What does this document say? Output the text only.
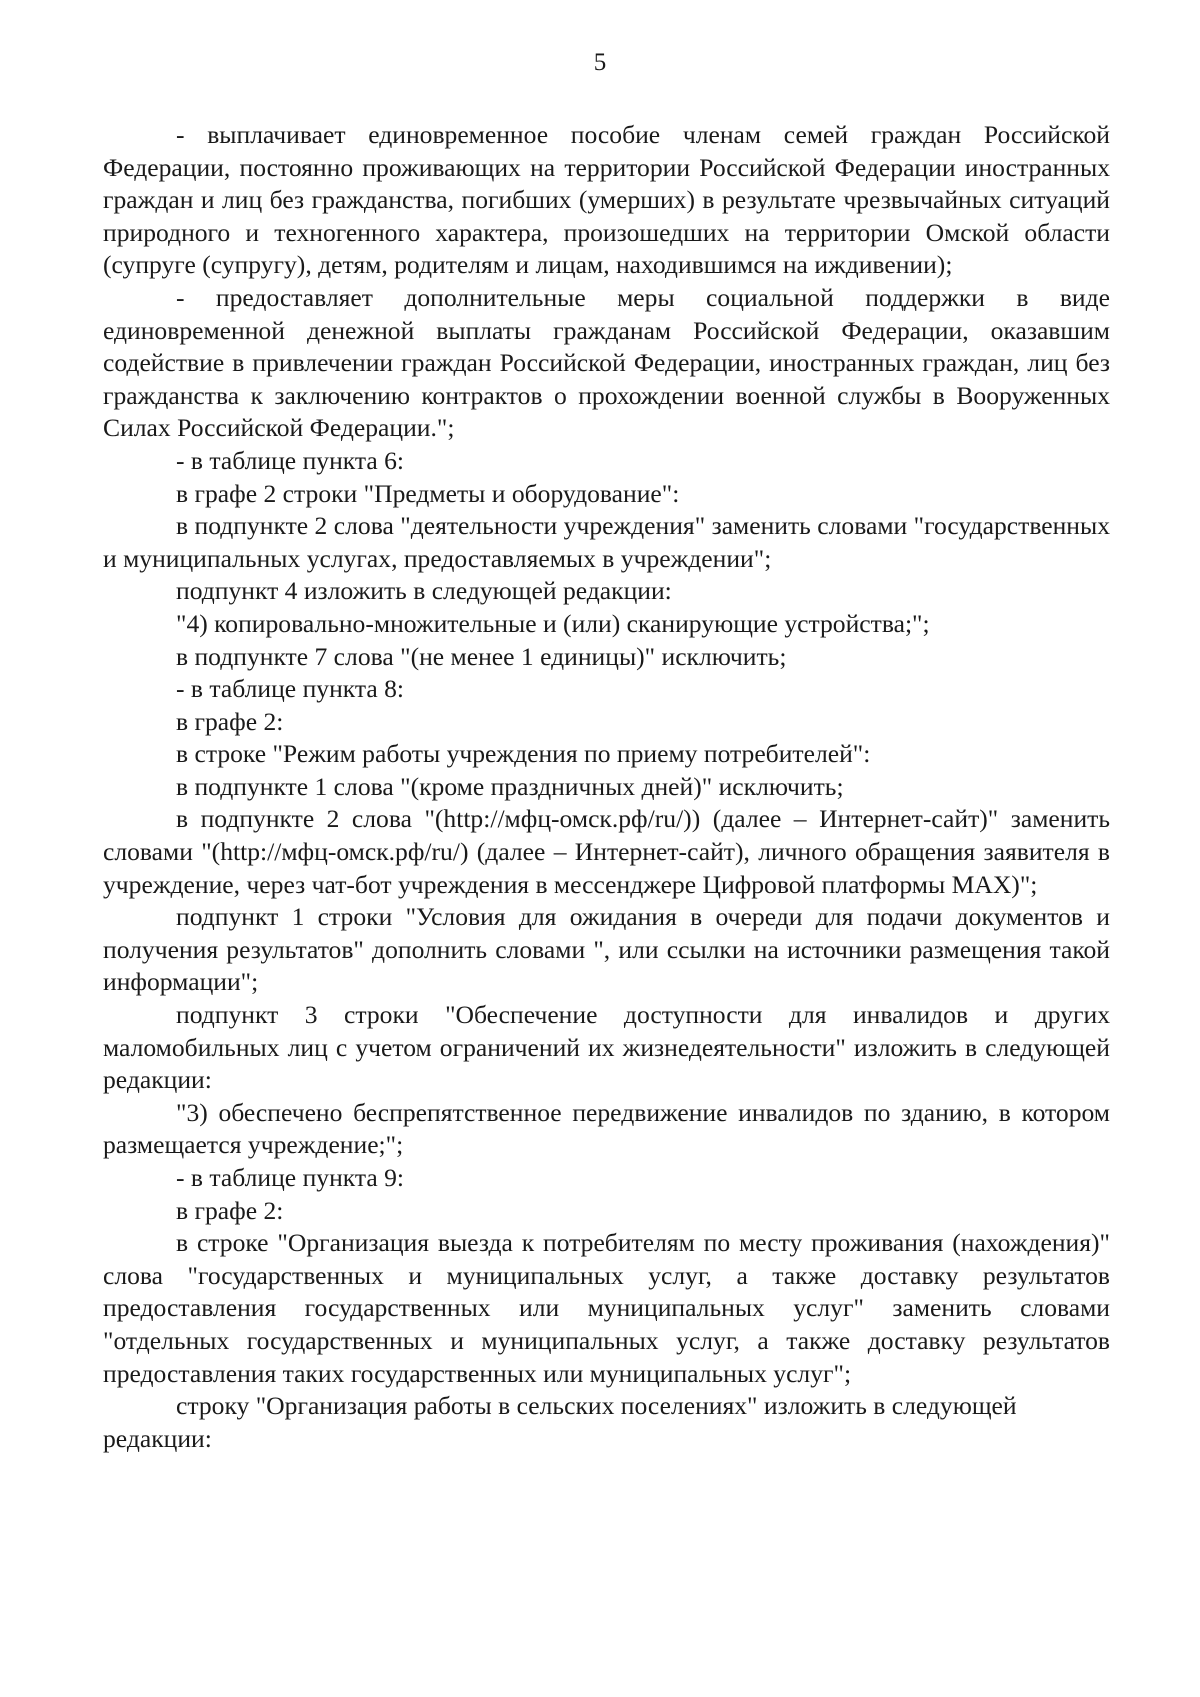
5

- выплачивает единовременное пособие членам семей граждан Российской Федерации, постоянно проживающих на территории Российской Федерации иностранных граждан и лиц без гражданства, погибших (умерших) в результате чрезвычайных ситуаций природного и техногенного характера, произошедших на территории Омской области (супруге (супругу), детям, родителям и лицам, находившимся на иждивении);

- предоставляет дополнительные меры социальной поддержки в виде единовременной денежной выплаты гражданам Российской Федерации, оказавшим содействие в привлечении граждан Российской Федерации, иностранных граждан, лиц без гражданства к заключению контрактов о прохождении военной службы в Вооруженных Силах Российской Федерации.";

- в таблице пункта 6:

в графе 2 строки "Предметы и оборудование":

в подпункте 2 слова "деятельности учреждения" заменить словами "государственных и муниципальных услугах, предоставляемых в учреждении";

подпункт 4 изложить в следующей редакции:

"4) копировально-множительные и (или) сканирующие устройства;";

в подпункте 7 слова "(не менее 1 единицы)" исключить;

- в таблице пункта 8:

в графе 2:

в строке "Режим работы учреждения по приему потребителей":

в подпункте 1 слова "(кроме праздничных дней)" исключить;

в подпункте 2 слова "(http://мфц-омск.рф/ru/)) (далее – Интернет-сайт)" заменить словами "(http://мфц-омск.рф/ru/) (далее – Интернет-сайт), личного обращения заявителя в учреждение, через чат-бот учреждения в мессенджере Цифровой платформы MAX)";

подпункт 1 строки "Условия для ожидания в очереди для подачи документов и получения результатов" дополнить словами ", или ссылки на источники размещения такой информации";

подпункт 3 строки "Обеспечение доступности для инвалидов и других маломобильных лиц с учетом ограничений их жизнедеятельности" изложить в следующей редакции:

"3) обеспечено беспрепятственное передвижение инвалидов по зданию, в котором размещается учреждение;";

- в таблице пункта 9:

в графе 2:

в строке "Организация выезда к потребителям по месту проживания (нахождения)" слова "государственных и муниципальных услуг, а также доставку результатов предоставления государственных или муниципальных услуг" заменить словами "отдельных государственных и муниципальных услуг, а также доставку результатов предоставления таких государственных или муниципальных услуг";

строку "Организация работы в сельских поселениях" изложить в следующей редакции:
